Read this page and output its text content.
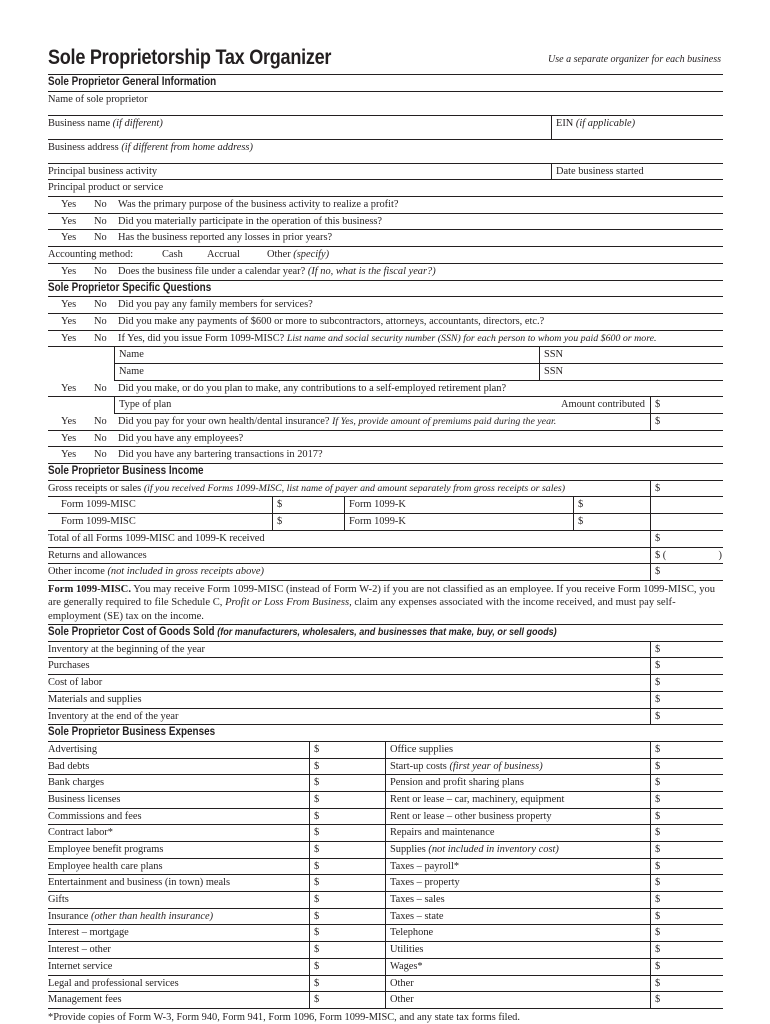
Sole Proprietorship Tax Organizer	Use a separate organizer for each business
Sole Proprietor General Information
Name of sole proprietor
Business name (if different)	EIN (if applicable)
Business address (if different from home address)
Principal business activity	Date business started
Principal product or service
Yes No Was the primary purpose of the business activity to realize a profit?
Yes No Did you materially participate in the operation of this business?
Yes No Has the business reported any losses in prior years?
Accounting method:	Cash Accrual	Other (specify)
Yes No Does the business file under a calendar year? (If no, what is the fiscal year?)
Sole Proprietor Specific Questions
Yes No Did you pay any family members for services?
Yes No Did you make any payments of $600 or more to subcontractors, attorneys, accountants, directors, etc.?
Yes No If Yes, did you issue Form 1099-MISC? List name and social security number (SSN) for each person to whom you paid $600 or more.
Name	SSN
Name	SSN
Yes No Did you make, or do you plan to make, any contributions to a self-employed retirement plan?
Type of plan	Amount contributed $
Yes No Did you pay for your own health/dental insurance? If Yes, provide amount of premiums paid during the year.	$
Yes No Did you have any employees?
Yes No Did you have any bartering transactions in 2017?
Sole Proprietor Business Income
Gross receipts or sales (if you received Forms 1099-MISC, list name of payer and amount separately from gross receipts or sales)	$
Form 1099-MISC	$	Form 1099-K	$
Form 1099-MISC	$	Form 1099-K	$
Total of all Forms 1099-MISC and 1099-K received	$
Returns and allowances	$ (	)
Other income (not included in gross receipts above)	$
Form 1099-MISC. You may receive Form 1099-MISC (instead of Form W-2) if you are not classified as an employee. If you receive Form 1099-MISC, you are generally required to file Schedule C, Profit or Loss From Business, claim any expenses associated with the income received, and must pay self-employment (SE) tax on the income.
Sole Proprietor Cost of Goods Sold (for manufacturers, wholesalers, and businesses that make, buy, or sell goods)
Inventory at the beginning of the year	$
Purchases	$
Cost of labor	$
Materials and supplies	$
Inventory at the end of the year	$
Sole Proprietor Business Expenses
Advertising	$	Office supplies	$
Bad debts	$	Start-up costs (first year of business)	$
Bank charges	$	Pension and profit sharing plans	$
Business licenses	$	Rent or lease – car, machinery, equipment	$
Commissions and fees	$	Rent or lease – other business property	$
Contract labor*	$	Repairs and maintenance	$
Employee benefit programs	$	Supplies (not included in inventory cost)	$
Employee health care plans	$	Taxes – payroll*	$
Entertainment and business (in town) meals	$	Taxes – property	$
Gifts	$	Taxes – sales	$
Insurance (other than health insurance)	$	Taxes – state	$
Interest – mortgage	$	Telephone	$
Interest – other	$	Utilities	$
Internet service	$	Wages*	$
Legal and professional services	$	Other	$
Management fees	$	Other	$
*Provide copies of Form W-3, Form 940, Form 941, Form 1096, Form 1099-MISC, and any state tax forms filed.
